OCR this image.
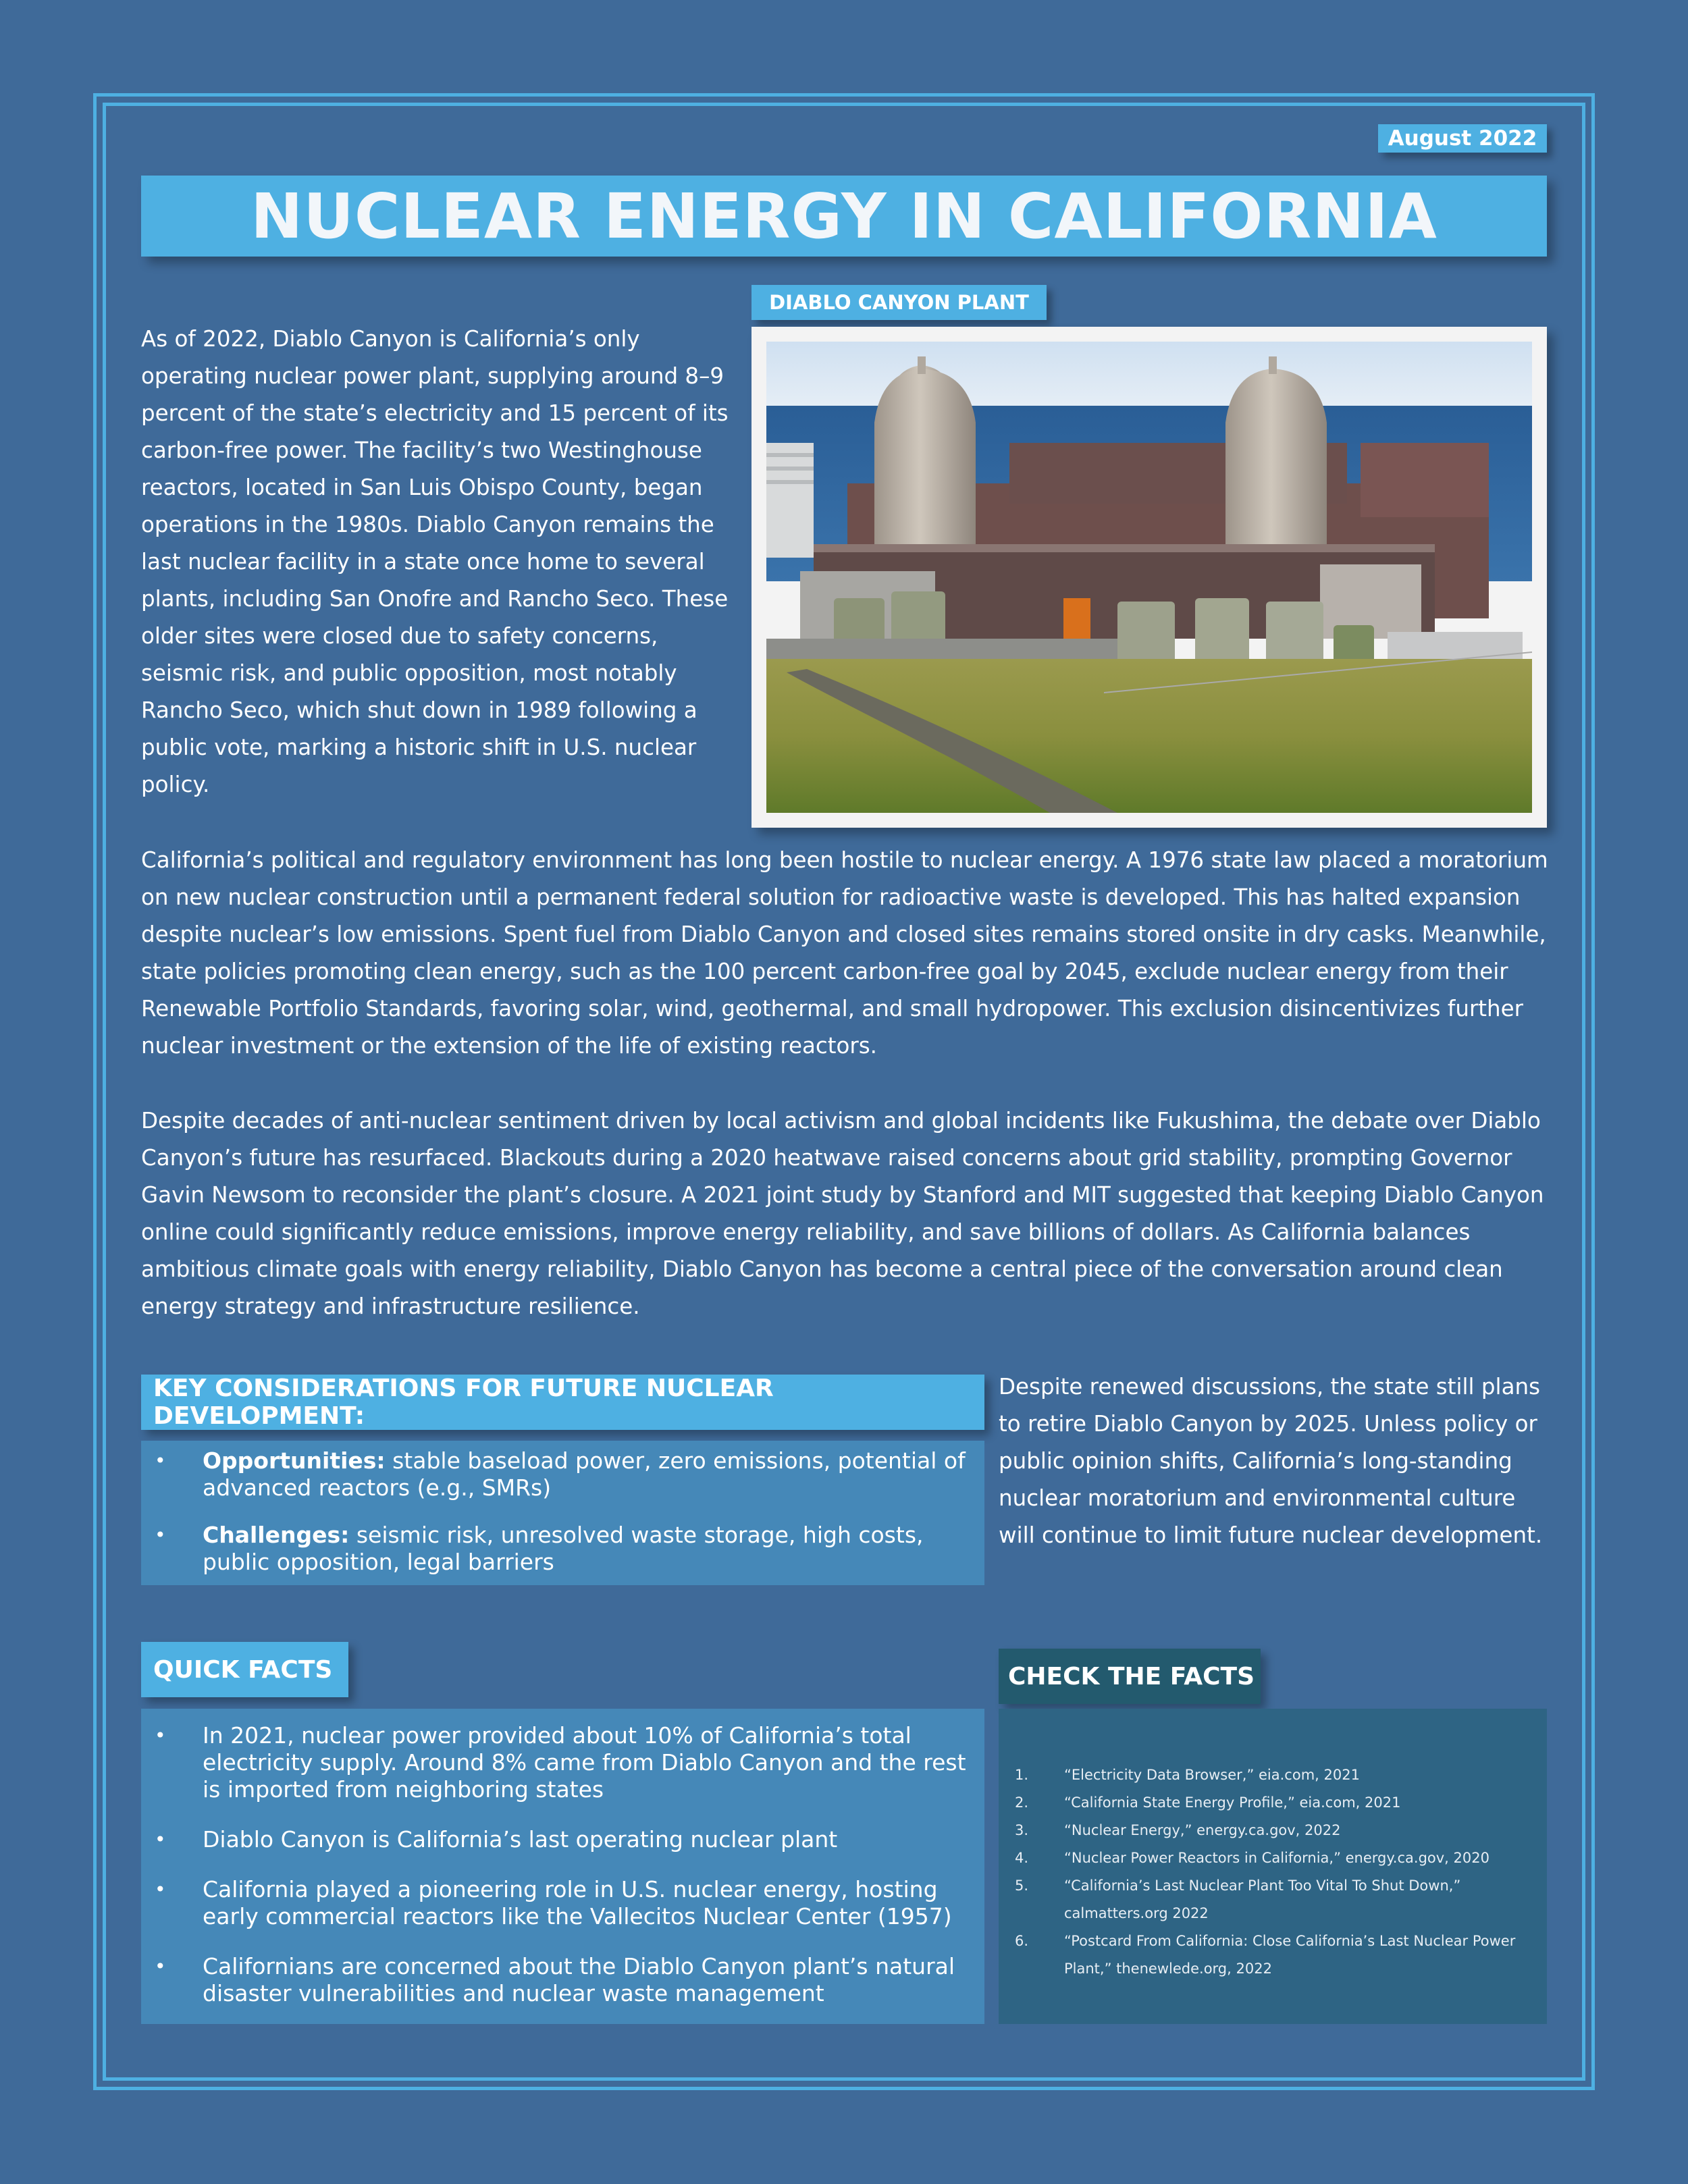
August 2022
NUCLEAR ENERGY IN CALIFORNIA
DIABLO CANYON PLANT

As of 2022, Diablo Canyon is California’s only operating nuclear power plant, supplying around 8–9 percent of the state’s electricity and 15 percent of its carbon-free power. The facility’s two Westinghouse reactors, located in San Luis Obispo County, began operations in the 1980s. Diablo Canyon remains the last nuclear facility in a state once home to several plants, including San Onofre and Rancho Seco. These older sites were closed due to safety concerns, seismic risk, and public opposition, most notably Rancho Seco, which shut down in 1989 following a public vote, marking a historic shift in U.S. nuclear policy.

California’s political and regulatory environment has long been hostile to nuclear energy. A 1976 state law placed a moratorium on new nuclear construction until a permanent federal solution for radioactive waste is developed. This has halted expansion despite nuclear’s low emissions. Spent fuel from Diablo Canyon and closed sites remains stored onsite in dry casks. Meanwhile, state policies promoting clean energy, such as the 100 percent carbon-free goal by 2045, exclude nuclear energy from their Renewable Portfolio Standards, favoring solar, wind, geothermal, and small hydropower. This exclusion disincentivizes further nuclear investment or the extension of the life of existing reactors.

Despite decades of anti-nuclear sentiment driven by local activism and global incidents like Fukushima, the debate over Diablo Canyon’s future has resurfaced. Blackouts during a 2020 heatwave raised concerns about grid stability, prompting Governor Gavin Newsom to reconsider the plant’s closure. A 2021 joint study by Stanford and MIT suggested that keeping Diablo Canyon online could significantly reduce emissions, improve energy reliability, and save billions of dollars. As California balances ambitious climate goals with energy reliability, Diablo Canyon has become a central piece of the conversation around clean energy strategy and infrastructure resilience.

Despite renewed discussions, the state still plans to retire Diablo Canyon by 2025. Unless policy or public opinion shifts, California’s long-standing nuclear moratorium and environmental culture will continue to limit future nuclear development.

KEY CONSIDERATIONS FOR FUTURE NUCLEAR DEVELOPMENT:
• Opportunities: stable baseload power, zero emissions, potential of advanced reactors (e.g., SMRs)
• Challenges: seismic risk, unresolved waste storage, high costs, public opposition, legal barriers
QUICK FACTS
• In 2021, nuclear power provided about 10% of California’s total electricity supply. Around 8% came from Diablo Canyon and the rest is imported from neighboring states
• Diablo Canyon is California’s last operating nuclear plant
• California played a pioneering role in U.S. nuclear energy, hosting early commercial reactors like the Vallecitos Nuclear Center (1957)
• Californians are concerned about the Diablo Canyon plant’s natural disaster vulnerabilities and nuclear waste management
CHECK THE FACTS
1.	“Electricity Data Browser,” eia.com, 2021
2.	“California State Energy Profile,” eia.com, 2021
3.	“Nuclear Energy,” energy.ca.gov, 2022
4.	“Nuclear Power Reactors in California,” energy.ca.gov, 2020
5.	“California’s Last Nuclear Plant Too Vital To Shut Down,” calmatters.org 2022
6.	“Postcard From California: Close California’s Last Nuclear Power Plant,” thenewlede.org, 2022
